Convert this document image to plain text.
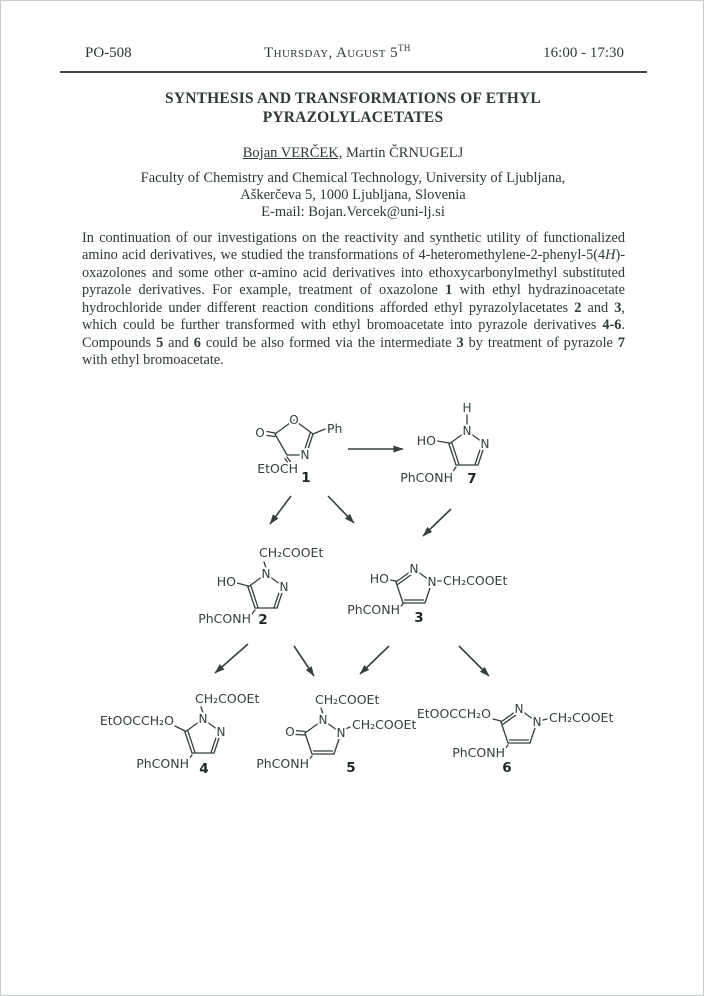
PO-508	Thursday, August 5TH	16:00 - 17:30
SYNTHESIS AND TRANSFORMATIONS OF ETHYL
PYRAZOLYLACETATES
Bojan VERČEK, Martin ČRNUGELJ
Faculty of Chemistry and Chemical Technology, University of Ljubljana,
Aškerčeva 5, 1000 Ljubljana, Slovenia
E-mail: Bojan.Vercek@uni-lj.si
In continuation of our investigations on the reactivity and synthetic utility of functionalized amino acid derivatives, we studied the transformations of 4-heteromethylene-2-phenyl-5(4H)-oxazolones and some other α-amino acid derivatives into ethoxycarbonylmethyl substituted pyrazole derivatives. For example, treatment of oxazolone 1 with ethyl hydrazinoacetate hydrochloride under different reaction conditions afforded ethyl pyrazolylacetates 2 and 3, which could be further transformed with ethyl bromoacetate into pyrazole derivatives 4-6. Compounds 5 and 6 could be also formed via the intermediate 3 by treatment of pyrazole 7 with ethyl bromoacetate.
O
N
Ph
O
EtOCH
1
H
N
N
HO
PhCONH 7
CH₂COOEt
N
N
HO
PhCONH 2
N
N CH₂COOEt
HO
PhCONH
3
CH₂COOEt
N
N
EtOOCCH₂O
PhCONH 4
CH₂COOEt
CH₂COOEt
N
N
O
PhCONH	5
N
N
EtOOCCH₂O	CH₂COOEt
PhCONH
6
